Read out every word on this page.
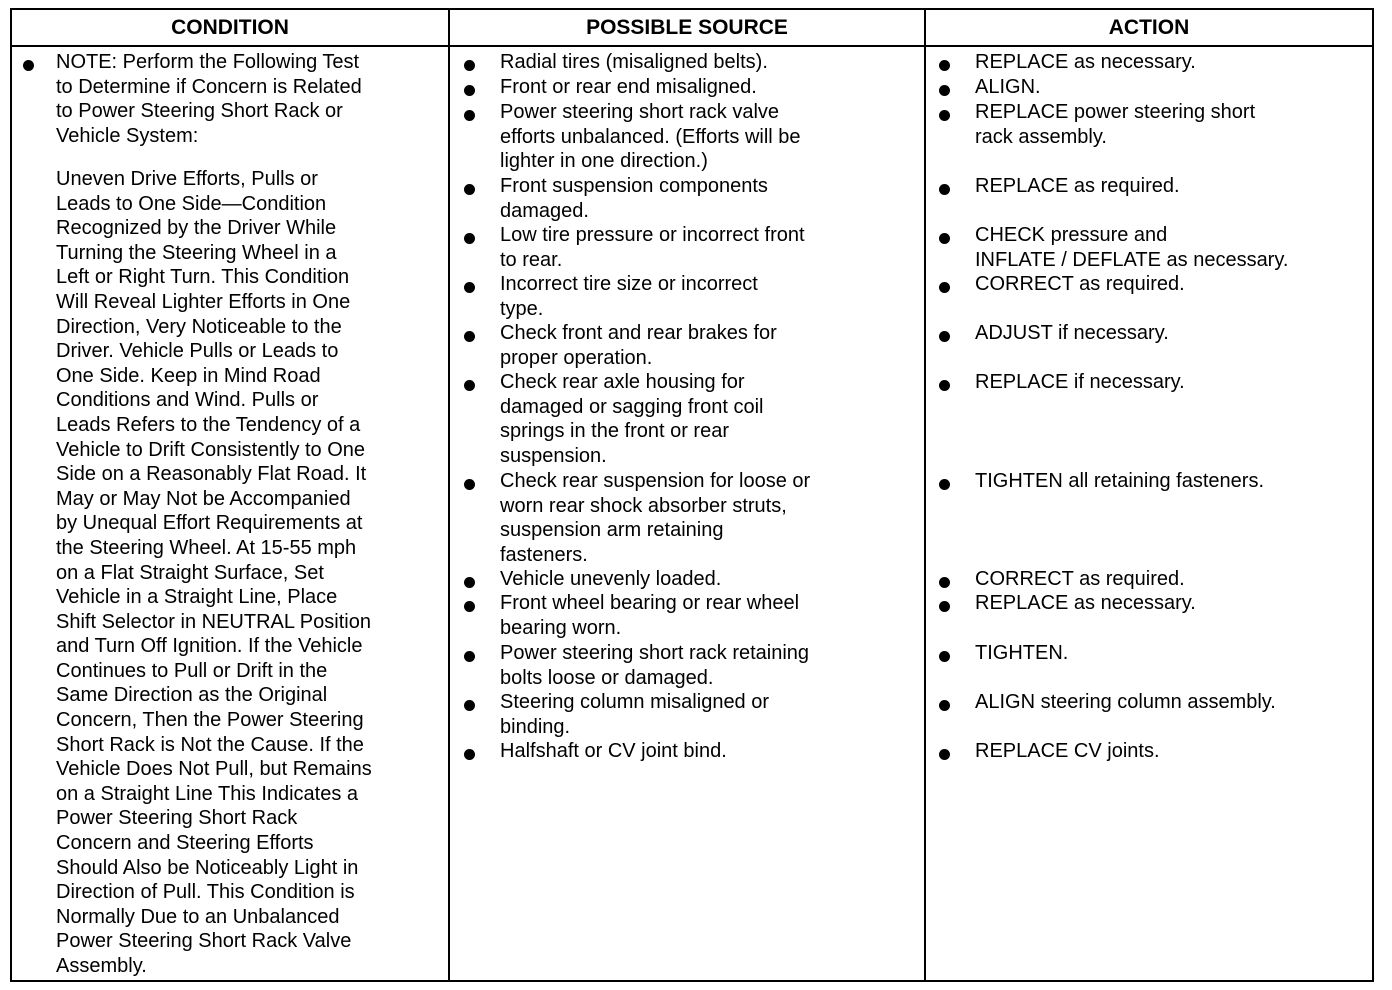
CONDITION	POSSIBLE SOURCE	ACTION
NOTE: Perform the Following Test
to Determine if Concern is Related
to Power Steering Short Rack or
Vehicle System:
Uneven Drive Efforts, Pulls or
Leads to One Side—Condition
Recognized by the Driver While
Turning the Steering Wheel in a
Left or Right Turn. This Condition
Will Reveal Lighter Efforts in One
Direction, Very Noticeable to the
Driver. Vehicle Pulls or Leads to
One Side. Keep in Mind Road
Conditions and Wind. Pulls or
Leads Refers to the Tendency of a
Vehicle to Drift Consistently to One
Side on a Reasonably Flat Road. It
May or May Not be Accompanied
by Unequal Effort Requirements at
the Steering Wheel. At 15-55 mph
on a Flat Straight Surface, Set
Vehicle in a Straight Line, Place
Shift Selector in NEUTRAL Position
and Turn Off Ignition. If the Vehicle
Continues to Pull or Drift in the
Same Direction as the Original
Concern, Then the Power Steering
Short Rack is Not the Cause. If the
Vehicle Does Not Pull, but Remains
on a Straight Line This Indicates a
Power Steering Short Rack
Concern and Steering Efforts
Should Also be Noticeably Light in
Direction of Pull. This Condition is
Normally Due to an Unbalanced
Power Steering Short Rack Valve
Assembly.
Radial tires (misaligned belts).
Front or rear end misaligned.
Power steering short rack valve
efforts unbalanced. (Efforts will be
lighter in one direction.)
Front suspension components
damaged.
Low tire pressure or incorrect front
to rear.
Incorrect tire size or incorrect
type.
Check front and rear brakes for
proper operation.
Check rear axle housing for
damaged or sagging front coil
springs in the front or rear
suspension.
Check rear suspension for loose or
worn rear shock absorber struts,
suspension arm retaining
fasteners.
Vehicle unevenly loaded.
Front wheel bearing or rear wheel
bearing worn.
Power steering short rack retaining
bolts loose or damaged.
Steering column misaligned or
binding.
Halfshaft or CV joint bind.
REPLACE as necessary.
ALIGN.
REPLACE power steering short
rack assembly.
REPLACE as required.
CHECK pressure and
INFLATE / DEFLATE as necessary.
CORRECT as required.
ADJUST if necessary.
REPLACE if necessary.
TIGHTEN all retaining fasteners.
CORRECT as required.
REPLACE as necessary.
TIGHTEN.
ALIGN steering column assembly.
REPLACE CV joints.
